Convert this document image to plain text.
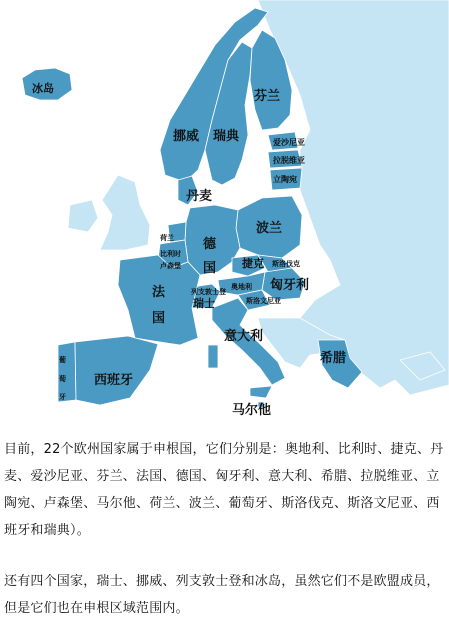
冰岛
芬兰
挪威 瑞典	爱沙尼亚
拉脱维亚
立陶宛
丹麦
波兰
荷兰
比利时
卢森堡
德
国 捷克 斯洛伐克
匈牙利
奥地利
列支敦士登
瑞士	斯洛文尼亚
法
国
意大利
希腊
葡
萄
牙
西班牙
马尔他

目前，22个欧州国家属于申根国，它们分别是：奥地利、比利时、捷克、丹麦、爱沙尼亚、芬兰、法国、德国、匈牙利、意大利、希腊、拉脱维亚、立陶宛、卢森堡、马尔他、荷兰、波兰、葡萄牙、斯洛伐克、斯洛文尼亚、西班牙和瑞典）。

还有四个国家，瑞士、挪威、列支敦士登和冰岛，虽然它们不是欧盟成员，但是它们也在申根区域范围内。
